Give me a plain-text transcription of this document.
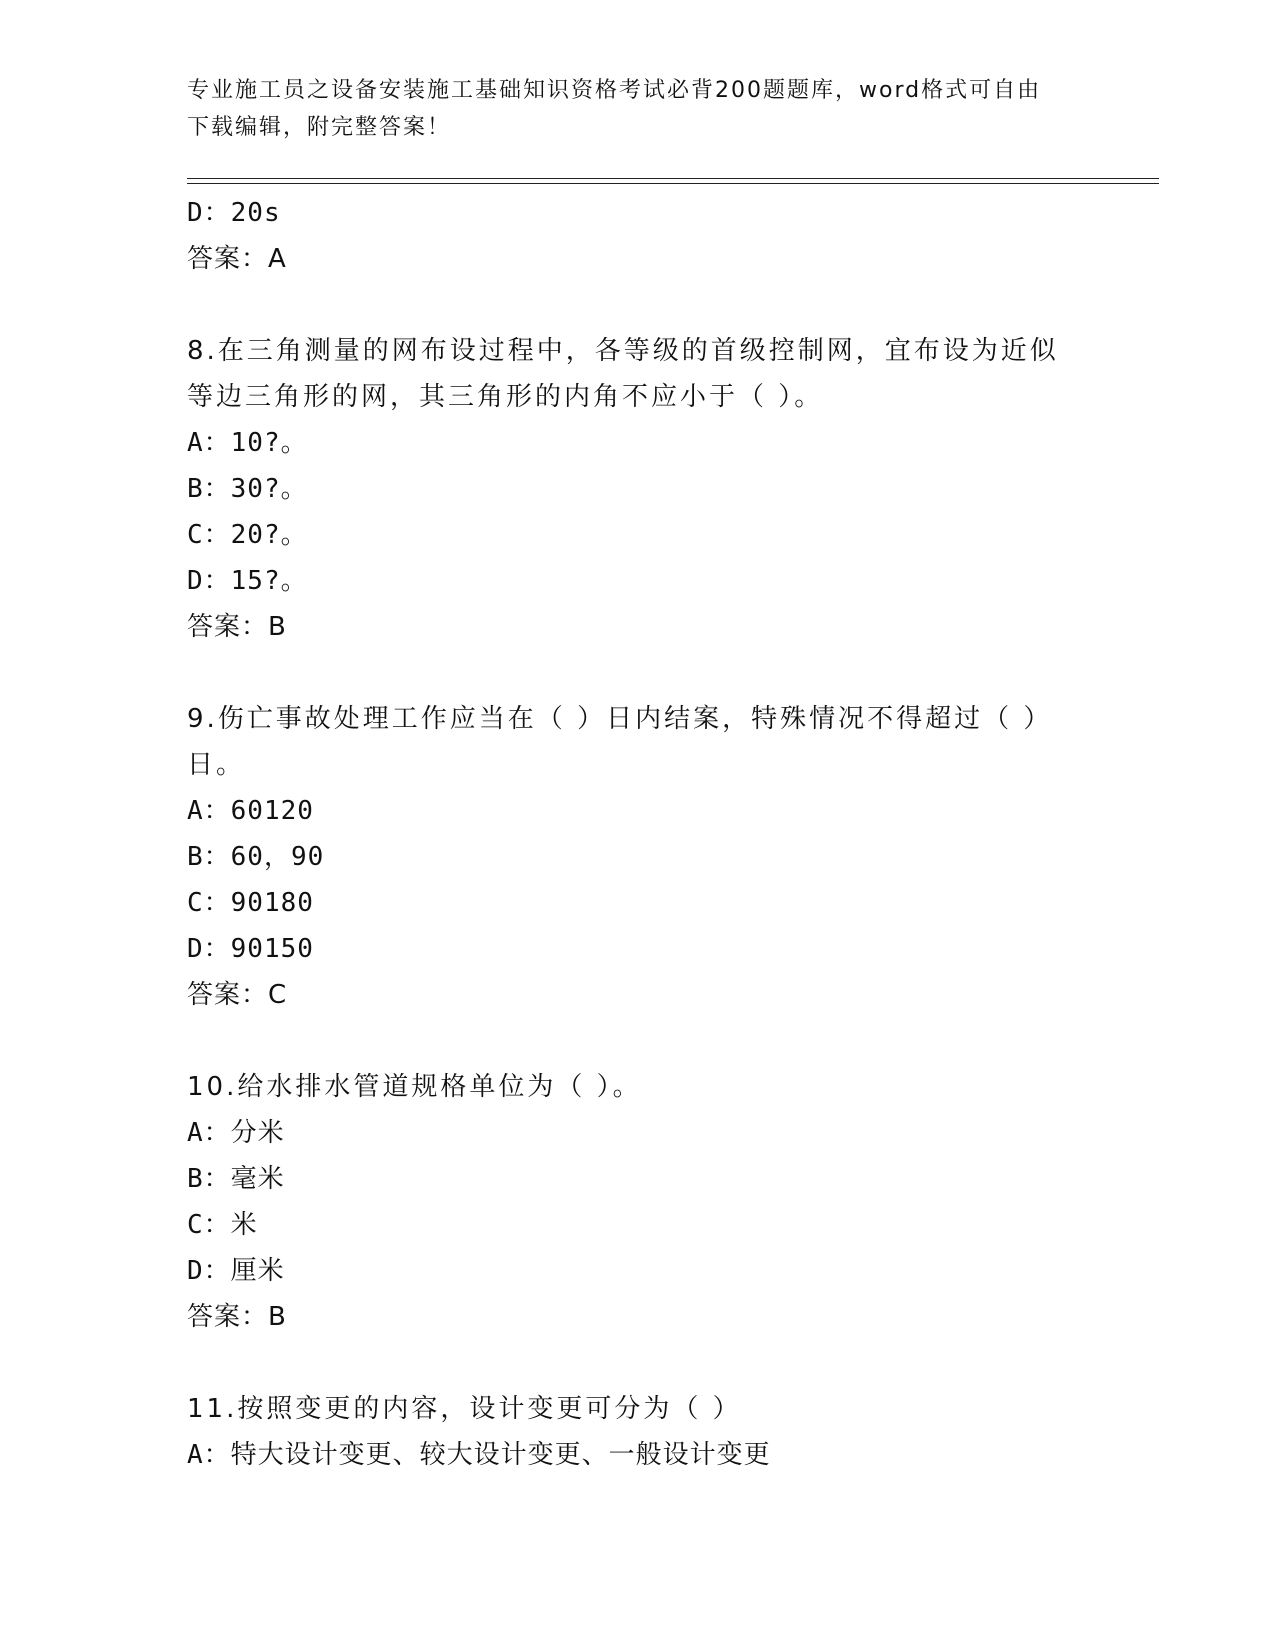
专业施工员之设备安装施工基础知识资格考试必背200题题库，word格式可自由
下载编辑，附完整答案！
D：20s
答案：A
8.在三角测量的网布设过程中，各等级的首级控制网，宜布设为近似等边三角形的网，其三角形的内角不应小于（ ）。
A：10?。
B：30?。
C：20?。
D：15?。
答案：B
9.伤亡事故处理工作应当在（ ）日内结案，特殊情况不得超过（ ）日。
A：60120
B：60，90
C：90180
D：90150
答案：C
10.给水排水管道规格单位为（ ）。
A：分米
B：毫米
C：米
D：厘米
答案：B
11.按照变更的内容，设计变更可分为（ ）
A：特大设计变更、较大设计变更、一般设计变更
